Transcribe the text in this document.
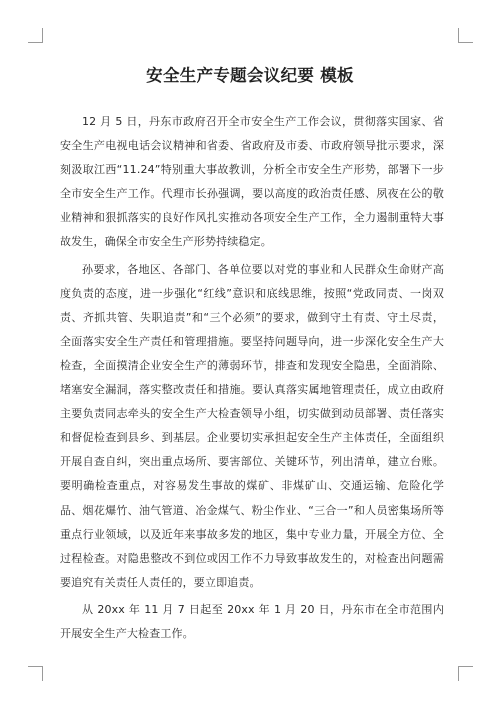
安全生产专题会议纪要 模板

12 月 5 日，丹东市政府召开全市安全生产工作会议，贯彻落实国家、省安全生产电视电话会议精神和省委、省政府及市委、市政府领导批示要求，深刻汲取江西“11.24”特别重大事故教训，分析全市安全生产形势，部署下一步全市安全生产工作。代理市长孙强调，要以高度的政治责任感、夙夜在公的敬业精神和狠抓落实的良好作风扎实推动各项安全生产工作，全力遏制重特大事故发生，确保全市安全生产形势持续稳定。

孙要求，各地区、各部门、各单位要以对党的事业和人民群众生命财产高度负责的态度，进一步强化“红线”意识和底线思维，按照“党政同责、一岗双责、齐抓共管、失职追责”和“三个必须”的要求，做到守土有责、守土尽责，全面落实安全生产责任和管理措施。要坚持问题导向，进一步深化安全生产大检查，全面摸清企业安全生产的薄弱环节，排查和发现安全隐患，全面消除、堵塞安全漏洞，落实整改责任和措施。要认真落实属地管理责任，成立由政府主要负责同志牵头的安全生产大检查领导小组，切实做到动员部署、责任落实和督促检查到县乡、到基层。企业要切实承担起安全生产主体责任，全面组织开展自查自纠，突出重点场所、要害部位、关键环节，列出清单，建立台账。要明确检查重点，对容易发生事故的煤矿、非煤矿山、交通运输、危险化学品、烟花爆竹、油气管道、冶金煤气、粉尘作业、“三合一”和人员密集场所等重点行业领域，以及近年来事故多发的地区，集中专业力量，开展全方位、全过程检查。对隐患整改不到位或因工作不力导致事故发生的，对检查出问题需要追究有关责任人责任的，要立即追责。

从 20xx 年 11 月 7 日起至 20xx 年 1 月 20 日，丹东市在全市范围内开展安全生产大检查工作。
